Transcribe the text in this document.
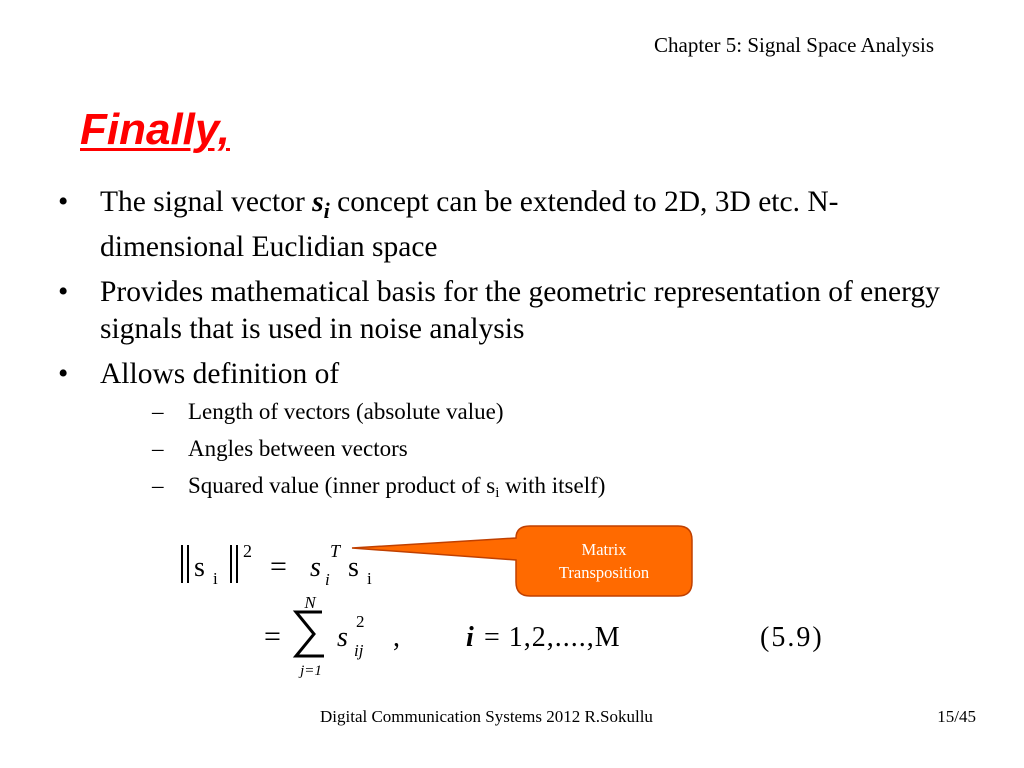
Chapter 5: Signal Space Analysis
Finally,
•	The signal vector $s_i$ concept can be extended to 2D, 3D etc. N-dimensional Euclidian space
•	Provides mathematical basis for the geometric representation of energy signals that is used in noise analysis
•	Allows definition of
–	Length of vectors (absolute value)
–	Angles between vectors
–	Squared value (inner product of $s_i$ with itself)
s i
2 = s i
T
s i
=
N
j=1
s
2
ij , i = 1,2,....,M	(5.9)
Matrix
Transposition
Digital Communication Systems 2012 R.Sokullu	15/45
